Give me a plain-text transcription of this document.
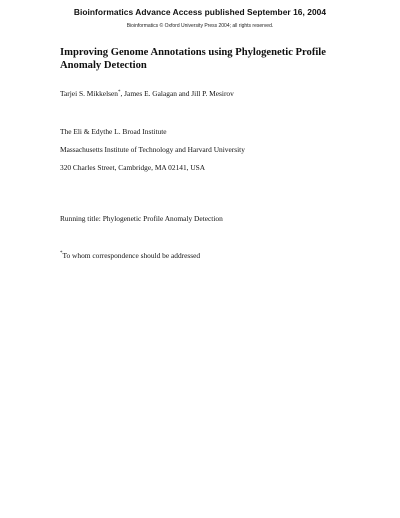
Bioinformatics Advance Access published September 16, 2004
Bioinformatics © Oxford University Press 2004; all rights reserved.
Improving Genome Annotations using Phylogenetic Profile Anomaly Detection
Tarjei S. Mikkelsen*, James E. Galagan and Jill P. Mesirov
The Eli & Edythe L. Broad Institute
Massachusetts Institute of Technology and Harvard University
320 Charles Street, Cambridge, MA 02141, USA
Running title: Phylogenetic Profile Anomaly Detection
*To whom correspondence should be addressed
